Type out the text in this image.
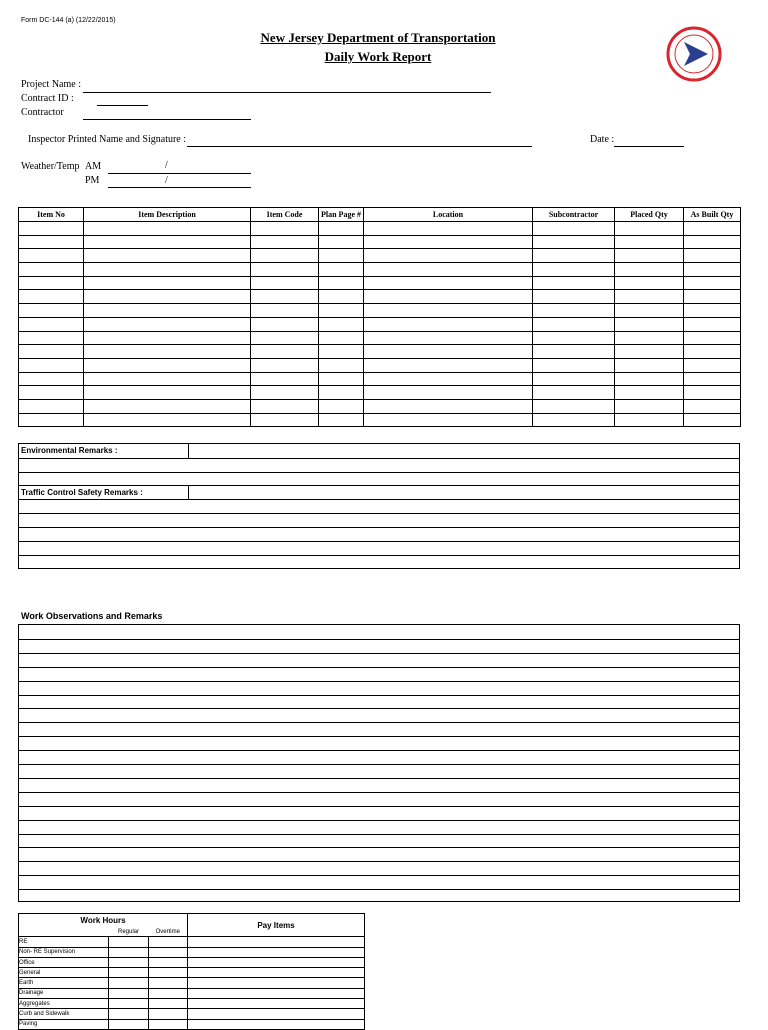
Form DC-144 (a) (12/22/2015)
New Jersey Department of Transportation
Daily Work Report
Project Name :
Contract ID :
Contractor
Inspector Printed Name and Signature :	Date :
Weather/Temp AM	/
PM	/
Item No	Item Description	Item Code	Plan Page #	Location	Subcontractor	Placed Qty	As Built Qty

Environmental Remarks :
Traffic Control Safety Remarks :
Work Observations and Remarks
Work Hours			Pay Items
	Regular	Overtime	
RE			
Non- RE Supervision			
Office			
General			
Earth			
Drainage			
Aggregates			
Curb and Sidewalk			
Paving			
